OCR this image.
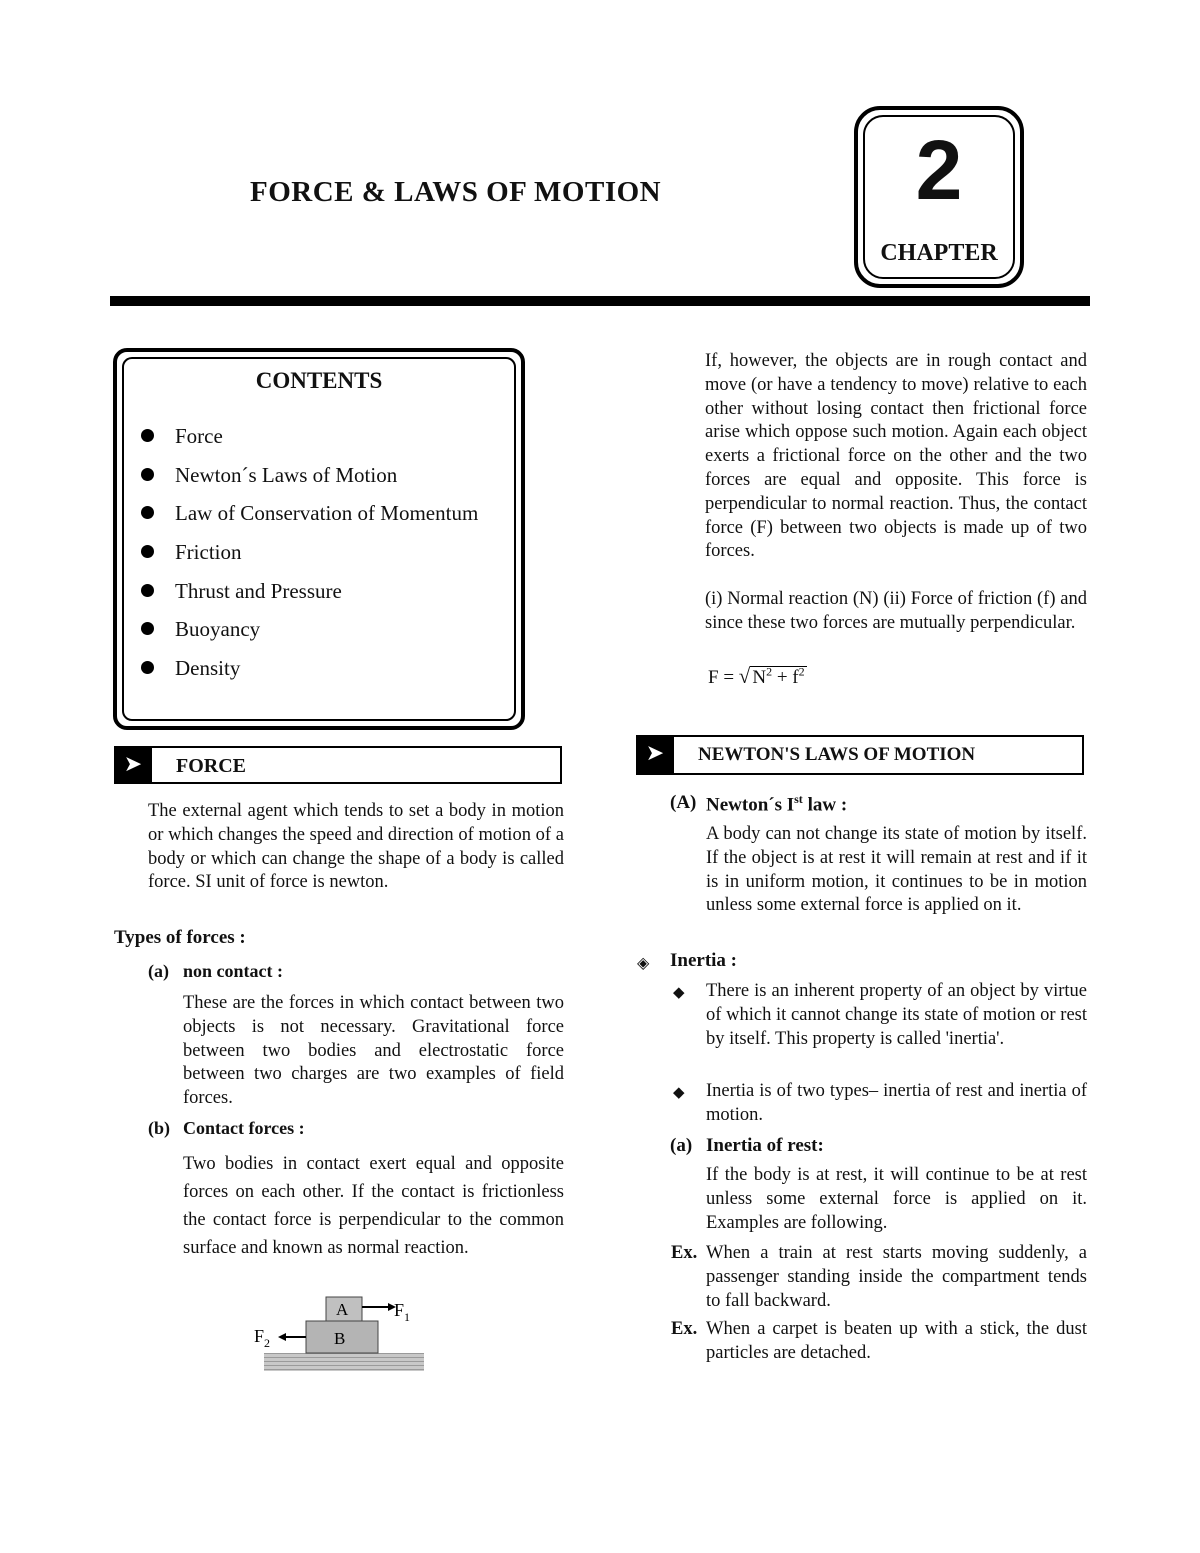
FORCE & LAWS OF MOTION	2
CHAPTER
CONTENTS
Force
Newton´s Laws of Motion
Law of Conservation of Momentum
Friction
Thrust and Pressure
Buoyancy
Density
➤	FORCE
The external agent which tends to set a body in motion or which changes the speed and direction of motion of a body or which can change the shape of a body is called force. SI unit of force is newton.
Types of forces :
(a) non contact :
These are the forces in which contact between two objects is not necessary. Gravitational force between two bodies and electrostatic force between two charges are two examples of field forces.
(b) Contact forces :
Two bodies in contact exert equal and opposite forces on each other. If the contact is frictionless the contact force is perpendicular to the common surface and known as normal reaction.
A
B
$F_1$
$F_2$
If, however, the objects are in rough contact and move (or have a tendency to move) relative to each other without losing contact then frictional force arise which oppose such motion. Again each object exerts a frictional force on the other and the two forces are equal and opposite. This force is perpendicular to normal reaction. Thus, the contact force (F) between two objects is made up of two forces.
(i) Normal reaction (N) (ii) Force of friction (f) and since these two forces are mutually perpendicular.
F = √ $N^2 + f^2$
➤	NEWTON'S LAWS OF MOTION
(A) Newton´s Ist law :
A body can not change its state of motion by itself. If the object is at rest it will remain at rest and if it is in uniform motion, it continues to be in motion unless some external force is applied on it.
◈ Inertia :
◆ There is an inherent property of an object by virtue of which it cannot change its state of motion or rest by itself. This property is called 'inertia'.
◆ Inertia is of two types– inertia of rest and inertia of motion.
(a) Inertia of rest:
If the body is at rest, it will continue to be at rest unless some external force is applied on it. Examples are following.
Ex. When a train at rest starts moving suddenly, a passenger standing inside the compartment tends to fall backward.
Ex. When a carpet is beaten up with a stick, the dust particles are detached.
